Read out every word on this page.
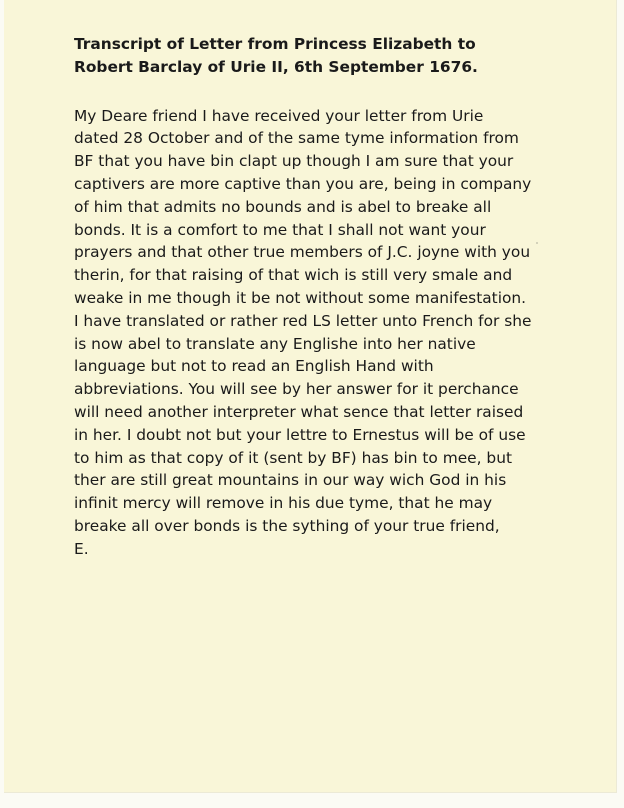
Transcript of Letter from Princess Elizabeth to
Robert Barclay of Urie II, 6th September 1676.
My Deare friend I have received your letter from Urie
dated 28 October and of the same tyme information from
BF that you have bin clapt up though I am sure that your
captivers are more captive than you are, being in company
of him that admits no bounds and is abel to breake all
bonds. It is a comfort to me that I shall not want your
prayers and that other true members of J.C. joyne with you
therin, for that raising of that wich is still very smale and
weake in me though it be not without some manifestation.
I have translated or rather red LS letter unto French for she
is now abel to translate any Englishe into her native
language but not to read an English Hand with
abbreviations. You will see by her answer for it perchance
will need another interpreter what sence that letter raised
in her. I doubt not but your lettre to Ernestus will be of use
to him as that copy of it (sent by BF) has bin to mee, but
ther are still great mountains in our way wich God in his
infinit mercy will remove in his due tyme, that he may
breake all over bonds is the sything of your true friend,
E.
